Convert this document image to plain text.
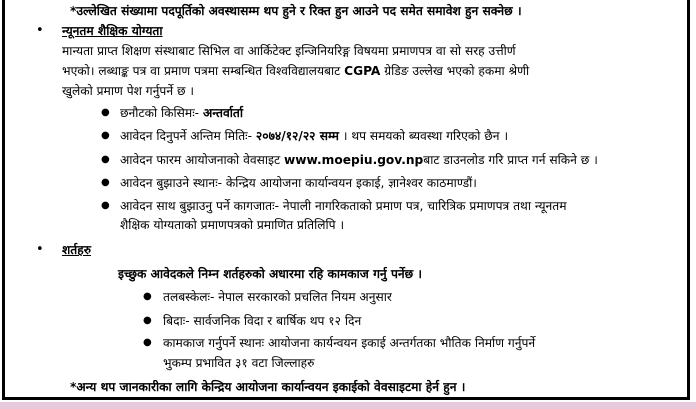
*उल्लेखित संख्यामा पदपूर्तिको अवस्थासम्म थप हुने र रिक्त हुन आउने पद समेत समावेश हुन सक्नेछ ।
• न्यूनतम शैक्षिक योग्यता
मान्यता प्राप्त शिक्षण संस्थाबाट सिभिल वा आर्किटेक्ट इन्जिनियरिङ्ग विषयमा प्रमाणपत्र वा सो सरह उत्तीर्ण
भएको। लब्धाङ्क पत्र वा प्रमाण पत्रमा सम्बन्धित विश्वविद्यालयबाट CGPA ग्रेडिङ उल्लेख भएको हकमा श्रेणी
खुलेको प्रमाण पेश गर्नुपर्ने छ ।
● छनौटको किसिमः- अन्तर्वार्ता
● आवेदन दिनुपर्ने अन्तिम मितिः- २०७४/१२/२२ सम्म । थप समयको ब्यवस्था गरिएको छैन ।
● आवेदन फारम आयोजनाको वेवसाइट www.moepiu.gov.npबाट डाउनलोड गरि प्राप्त गर्न सकिने छ ।
● आवेदन बुझाउने स्थानः- केन्द्रिय आयोजना कार्यान्वयन इकाई, ज्ञानेश्वर काठमाण्डौं।
● आवेदन साथ बुझाउनु पर्ने कागजातः- नेपाली नागरिकताको प्रमाण पत्र, चारित्रिक प्रमाणपत्र तथा न्यूनतम
शैक्षिक योग्यताको प्रमाणपत्रको प्रमाणित प्रतिलिपि ।
• शर्तहरु
इच्छुक आवेदकले निम्न शर्तहरुको अधारमा रहि कामकाज गर्नु पर्नेछ ।
● तलबस्केलः- नेपाल सरकारको प्रचलित नियम अनुसार
● बिदाः- सार्वजनिक विदा र बार्षिक थप १२ दिन
● कामकाज गर्नुपर्ने स्थानः आयोजना कार्यन्वयन इकाई अन्तर्गतका भौतिक निर्माण गर्नुपर्ने
भुकम्प प्रभावित ३१ वटा जिल्लाहरु
*अन्य थप जानकारीका लागि केन्द्रिय आयोजना कार्यान्वयन इकाईको वेवसाइटमा हेर्न हुन ।
